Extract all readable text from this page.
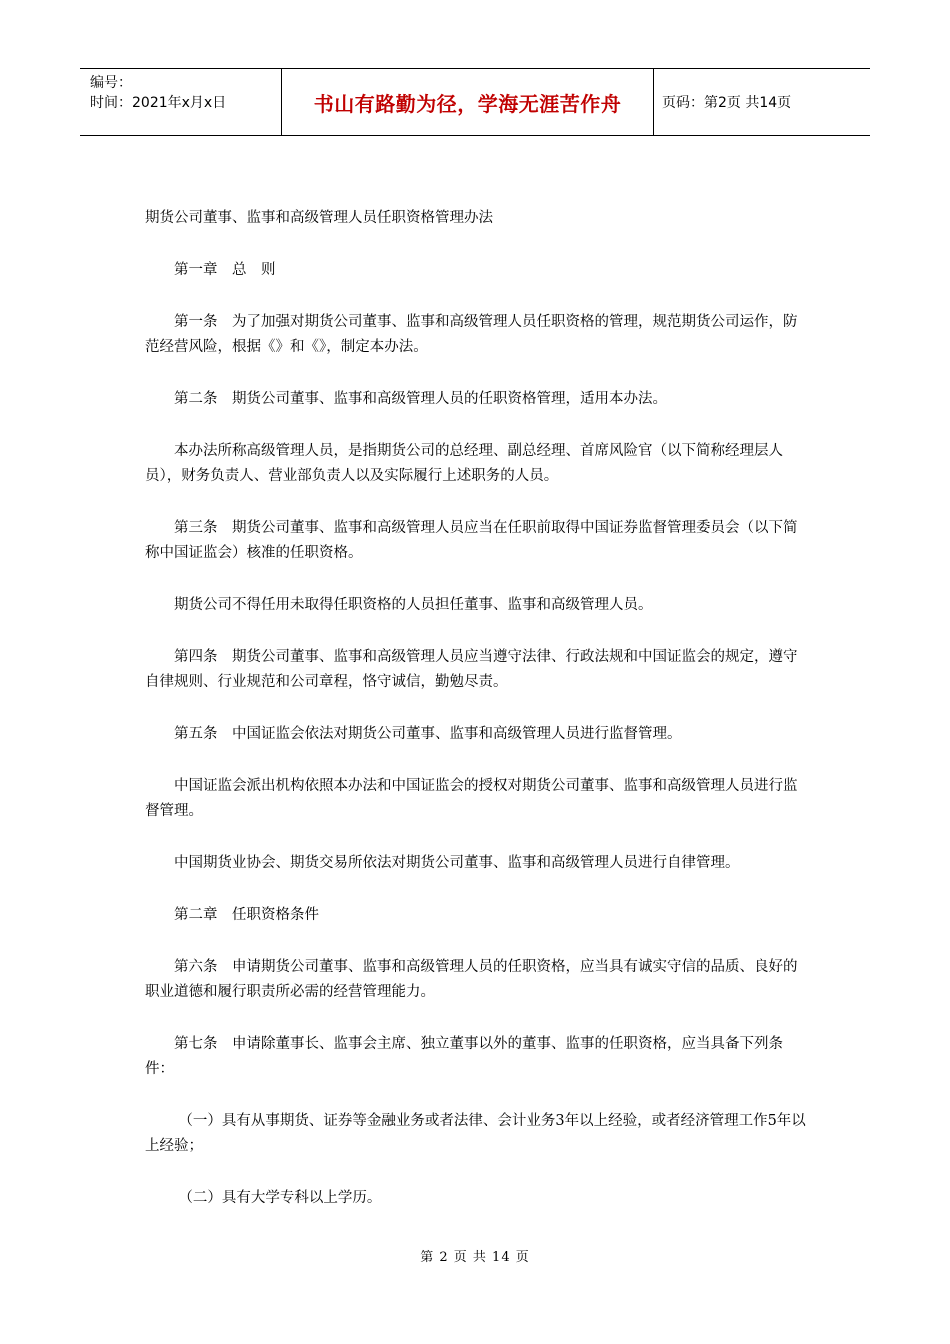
编号：
时间：2021年x月x日	书山有路勤为径，学海无涯苦作舟	页码：第2页 共14页

期货公司董事、监事和高级管理人员任职资格管理办法

第一章　总　则

第一条　为了加强对期货公司董事、监事和高级管理人员任职资格的管理，规范期货公司运作，防范经营风险，根据《》和《》，制定本办法。

第二条　期货公司董事、监事和高级管理人员的任职资格管理，适用本办法。

本办法所称高级管理人员，是指期货公司的总经理、副总经理、首席风险官（以下简称经理层人员），财务负责人、营业部负责人以及实际履行上述职务的人员。

第三条　期货公司董事、监事和高级管理人员应当在任职前取得中国证券监督管理委员会（以下简称中国证监会）核准的任职资格。

期货公司不得任用未取得任职资格的人员担任董事、监事和高级管理人员。

第四条　期货公司董事、监事和高级管理人员应当遵守法律、行政法规和中国证监会的规定，遵守自律规则、行业规范和公司章程，恪守诚信，勤勉尽责。

第五条　中国证监会依法对期货公司董事、监事和高级管理人员进行监督管理。

中国证监会派出机构依照本办法和中国证监会的授权对期货公司董事、监事和高级管理人员进行监督管理。

中国期货业协会、期货交易所依法对期货公司董事、监事和高级管理人员进行自律管理。

第二章　任职资格条件

第六条　申请期货公司董事、监事和高级管理人员的任职资格，应当具有诚实守信的品质、良好的职业道德和履行职责所必需的经营管理能力。

第七条　申请除董事长、监事会主席、独立董事以外的董事、监事的任职资格，应当具备下列条件：

（一）具有从事期货、证券等金融业务或者法律、会计业务3年以上经验，或者经济管理工作5年以上经验；

（二）具有大学专科以上学历。

第 2 页 共 14 页
